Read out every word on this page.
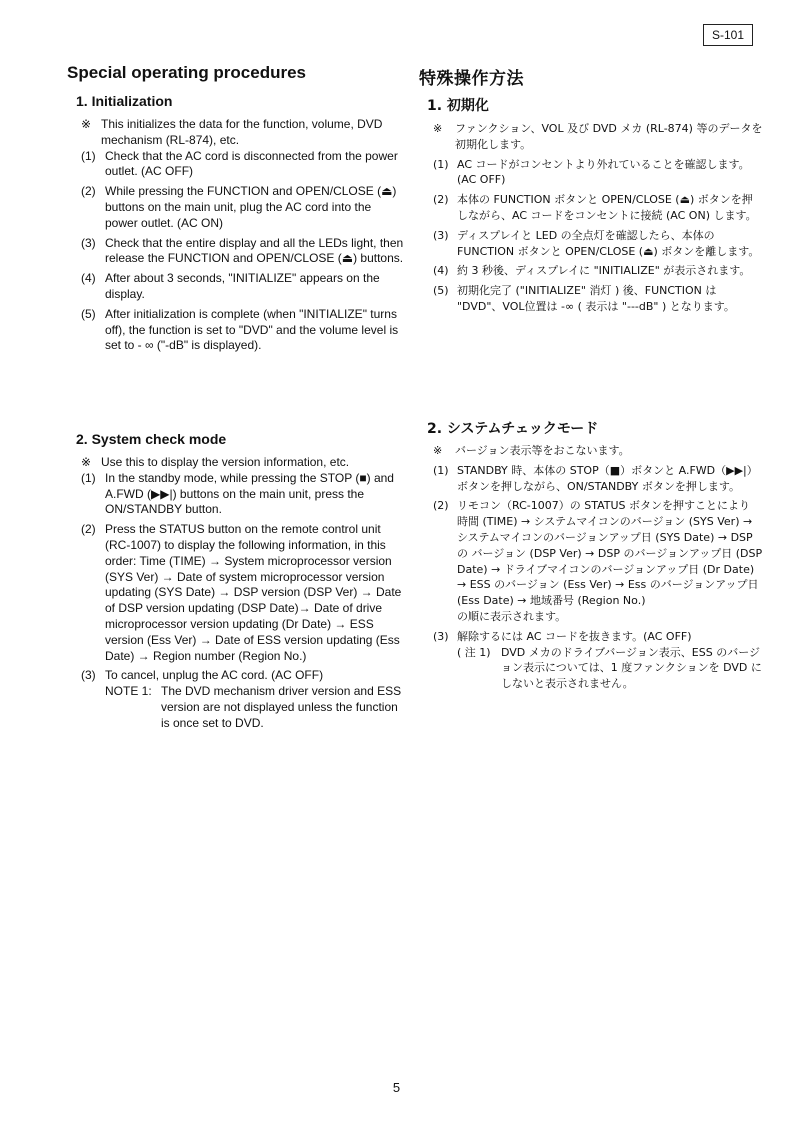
S-101
Special operating procedures	特殊操作方法
1. Initialization
※ This initializes the data for the function, volume, DVD mechanism (RL-874), etc.
(1) Check that the AC cord is disconnected from the power outlet. (AC OFF)
(2) While pressing the FUNCTION and OPEN/CLOSE (⏏) buttons on the main unit, plug the AC cord into the power outlet. (AC ON)
(3) Check that the entire display and all the LEDs light, then release the FUNCTION and OPEN/CLOSE (⏏) buttons.
(4) After about 3 seconds, "INITIALIZE" appears on the display.
(5) After initialization is complete (when "INITIALIZE" turns off), the function is set to "DVD" and the volume level is set to - ∞ ("-dB" is displayed).
2. System check mode
※ Use this to display the version information, etc.
(1) In the standby mode, while pressing the STOP (■) and A.FWD (▶▶|) buttons on the main unit, press the ON/STANDBY button.
(2) Press the STATUS button on the remote control unit (RC-1007) to display the following information, in this order: Time (TIME) → System microprocessor version (SYS Ver) → Date of system microprocessor version updating (SYS Date) → DSP version (DSP Ver) → Date of DSP version updating (DSP Date)→ Date of drive microprocessor version updating (Dr Date) → ESS version (Ess Ver) → Date of ESS version updating (Ess Date) → Region number (Region No.)
(3) To cancel, unplug the AC cord. (AC OFF)
NOTE 1: The DVD mechanism driver version and ESS version are not displayed unless the function is once set to DVD.
1. 初期化
※	ファンクション、VOL 及び DVD メカ (RL-874) 等のデータを初期化します。
(1) AC コードがコンセントより外れていることを確認します。(AC OFF)
(2) 本体の FUNCTION ボタンと OPEN/CLOSE (⏏) ボタンを押しながら、AC コードをコンセントに接続 (AC ON) します。
(3) ディスプレイと LED の全点灯を確認したら、本体の FUNCTION ボタンと OPEN/CLOSE (⏏) ボタンを離します。
(4) 約 3 秒後、ディスプレイに "INITIALIZE" が表示されます。
(5) 初期化完了 ("INITIALIZE" 消灯 ) 後、FUNCTION は "DVD"、VOL位置は -∞ ( 表示は "---dB" ) となります。
2. システムチェックモード
※	バージョン表示等をおこないます。
(1) STANDBY 時、本体の STOP（■）ボタンと A.FWD（▶▶|）ボタンを押しながら、ON/STANDBY ボタンを押します。
(2) リモコン（RC-1007）の STATUS ボタンを押すことにより
時間 (TIME) → システムマイコンのバージョン (SYS Ver) → システムマイコンのバージョンアップ日 (SYS Date) → DSP の バージョン (DSP Ver) → DSP のバージョンアップ日 (DSP Date) → ドライブマイコンのバージョンアップ日 (Dr Date) → ESS のバージョン (Ess Ver) → Ess のバージョンアップ日 (Ess Date) → 地域番号 (Region No.)
の順に表示されます。
(3) 解除するには AC コードを抜きます。(AC OFF)
( 注 1) DVD メカのドライブバージョン表示、ESS のバージョン表示については、1 度ファンクションを DVD にしないと表示されません。
5
